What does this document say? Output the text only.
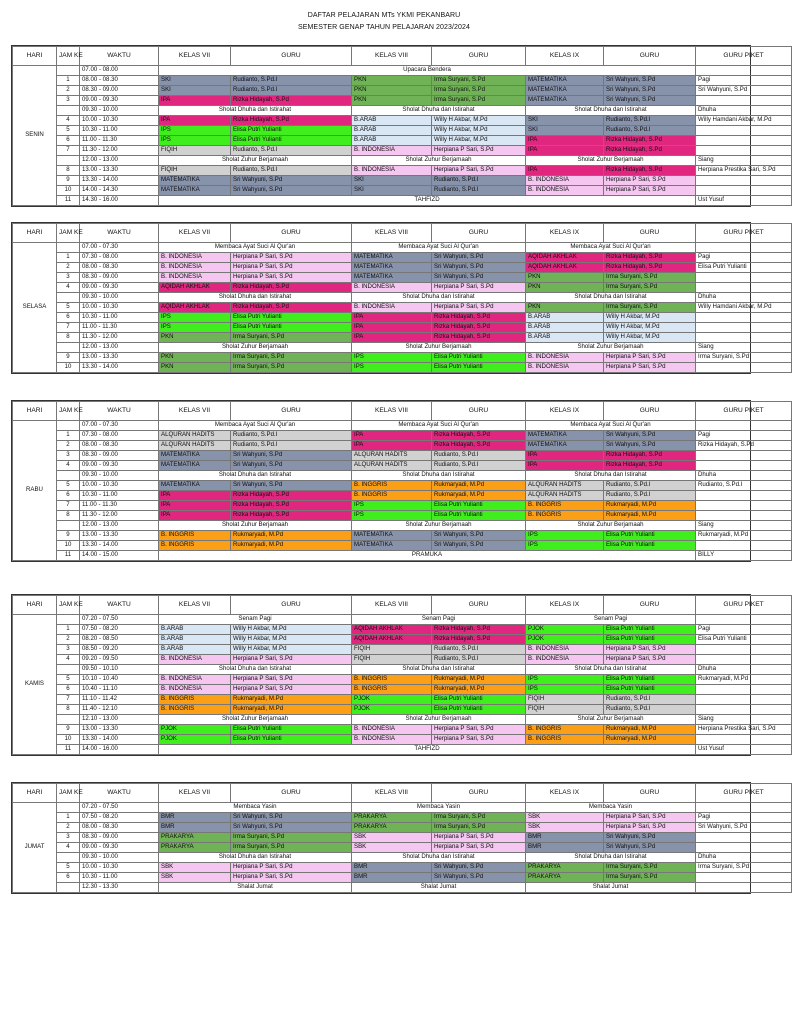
DAFTAR PELAJARAN MTs YKMI PEKANBARU
SEMESTER GENAP TAHUN PELAJARAN 2023/2024
HARI	JAM KE	WAKTU	KELAS VII	GURU	KELAS VIII	GURU	KELAS IX	GURU	GURU PIKET
SENIN		07.00 - 08.00	Upacara Bendera						
	1	08.00 - 08.30	SKI	Rudianto, S.Pd.I	PKN	Irma Suryani, S.Pd	MATEMATIKA	Sri Wahyuni, S.Pd	Pagi
	2	08.30 - 09.00	SKI	Rudianto, S.Pd.I	PKN	Irma Suryani, S.Pd	MATEMATIKA	Sri Wahyuni, S.Pd	Sri Wahyuni, S.Pd
	3	09.00 - 09.30	IPA	Rizka Hidayah, S.Pd	PKN	Irma Suryani, S.Pd	MATEMATIKA	Sri Wahyuni, S.Pd	
		09.30 - 10.00	Sholat Dhuha dan Istirahat		Sholat Dhuha dan Istirahat		Sholat Dhuha dan Istirahat		Dhuha
	4	10.00 - 10.30	IPA	Rizka Hidayah, S.Pd	B.ARAB	Willy H Akbar, M.Pd	SKI	Rudianto, S.Pd.I	Willy Hamdani Akbar, M.Pd
	5	10.30 - 11.00	IPS	Elisa Putri Yulianti	B.ARAB	Willy H Akbar, M.Pd	SKI	Rudianto, S.Pd.I	
	6	11.00 - 11.30	IPS	Elisa Putri Yulianti	B.ARAB	Willy H Akbar, M.Pd	IPA	Rizka Hidayah, S.Pd	
	7	11.30 - 12.00	FIQIH	Rudianto, S.Pd.I	B. INDONESIA	Herpiana P Sari, S.Pd	IPA	Rizka Hidayah, S.Pd	
		12.00 - 13.00	Sholat Zuhur Berjamaah		Sholat Zuhur Berjamaah		Sholat Zuhur Berjamaah		Siang
	8	13.00 - 13.30	FIQIH	Rudianto, S.Pd.I	B. INDONESIA	Herpiana P Sari, S.Pd	IPA	Rizka Hidayah, S.Pd	Herpiana Prestika Sari, S.Pd
	9	13.30 - 14.00	MATEMATIKA	Sri Wahyuni, S.Pd	SKI	Rudianto, S.Pd.I	B. INDONESIA	Herpiana P Sari, S.Pd	
	10	14.00 - 14.30	MATEMATIKA	Sri Wahyuni, S.Pd	SKI	Rudianto, S.Pd.I	B. INDONESIA	Herpiana P Sari, S.Pd	
	11	14.30 - 16.00	TAHFIZD						Ust Yusuf
HARI	JAM KE	WAKTU	KELAS VII	GURU	KELAS VIII	GURU	KELAS IX	GURU	GURU PIKET
SELASA		07.00 - 07.30	Membaca Ayat Suci Al Qur'an		Membaca Ayat Suci Al Qur'an		Membaca Ayat Suci Al Qur'an		
	1	07.30 - 08.00	B. INDONESIA	Herpiana P Sari, S.Pd	MATEMATIKA	Sri Wahyuni, S.Pd	AQIDAH AKHLAK	Rizka Hidayah, S.Pd	Pagi
	2	08.00 - 08.30	B. INDONESIA	Herpiana P Sari, S.Pd	MATEMATIKA	Sri Wahyuni, S.Pd	AQIDAH AKHLAK	Rizka Hidayah, S.Pd	Elisa Putri Yulianti
	3	08.30 - 09.00	B. INDONESIA	Herpiana P Sari, S.Pd	MATEMATIKA	Sri Wahyuni, S.Pd	PKN	Irma Suryani, S.Pd	
	4	09.00 - 09.30	AQIDAH AKHLAK	Rizka Hidayah, S.Pd	B. INDONESIA	Herpiana P Sari, S.Pd	PKN	Irma Suryani, S.Pd	
		09.30 - 10.00	Sholat Dhuha dan Istirahat		Sholat Dhuha dan Istirahat		Sholat Dhuha dan Istirahat		Dhuha
	5	10.00 - 10.30	AQIDAH AKHLAK	Rizka Hidayah, S.Pd	B. INDONESIA	Herpiana P Sari, S.Pd	PKN	Irma Suryani, S.Pd	Willy Hamdani Akbar, M.Pd
	6	10.30 - 11.00	IPS	Elisa Putri Yulianti	IPA	Rizka Hidayah, S.Pd	B.ARAB	Willy H Akbar, M.Pd	
	7	11.00 - 11.30	IPS	Elisa Putri Yulianti	IPA	Rizka Hidayah, S.Pd	B.ARAB	Willy H Akbar, M.Pd	
	8	11.30 - 12.00	PKN	Irma Suryani, S.Pd	IPA	Rizka Hidayah, S.Pd	B.ARAB	Willy H Akbar, M.Pd	
		12.00 - 13.00	Sholat Zuhur Berjamaah		Sholat Zuhur Berjamaah		Sholat Zuhur Berjamaah		Siang
	9	13.00 - 13.30	PKN	Irma Suryani, S.Pd	IPS	Elisa Putri Yulianti	B. INDONESIA	Herpiana P Sari, S.Pd	Irma Suryani, S.Pd
	10	13.30 - 14.00	PKN	Irma Suryani, S.Pd	IPS	Elisa Putri Yulianti	B. INDONESIA	Herpiana P Sari, S.Pd	
HARI	JAM KE	WAKTU	KELAS VII	GURU	KELAS VIII	GURU	KELAS IX	GURU	GURU PIKET
RABU		07.00 - 07.30	Membaca Ayat Suci Al Qur'an		Membaca Ayat Suci Al Qur'an		Membaca Ayat Suci Al Qur'an		
	1	07.30 - 08.00	ALQURAN HADITS	Rudianto, S.Pd.I	IPA	Rizka Hidayah, S.Pd	MATEMATIKA	Sri Wahyuni, S.Pd	Pagi
	2	08.00 - 08.30	ALQURAN HADITS	Rudianto, S.Pd.I	IPA	Rizka Hidayah, S.Pd	MATEMATIKA	Sri Wahyuni, S.Pd	Rizka Hidayah, S.Pd
	3	08.30 - 09.00	MATEMATIKA	Sri Wahyuni, S.Pd	ALQURAN HADITS	Rudianto, S.Pd.I	IPA	Rizka Hidayah, S.Pd	
	4	09.00 - 09.30	MATEMATIKA	Sri Wahyuni, S.Pd	ALQURAN HADITS	Rudianto, S.Pd.I	IPA	Rizka Hidayah, S.Pd	
		09.30 - 10.00	Sholat Dhuha dan Istirahat		Sholat Dhuha dan Istirahat		Sholat Dhuha dan Istirahat		Dhuha
	5	10.00 - 10.30	MATEMATIKA	Sri Wahyuni, S.Pd	B. INGGRIS	Rukmaryadi, M.Pd	ALQURAN HADITS	Rudianto, S.Pd.I	Rudianto, S.Pd.I
	6	10.30 - 11.00	IPA	Rizka Hidayah, S.Pd	B. INGGRIS	Rukmaryadi, M.Pd	ALQURAN HADITS	Rudianto, S.Pd.I	
	7	11.00 - 11.30	IPA	Rizka Hidayah, S.Pd	IPS	Elisa Putri Yulianti	B. INGGRIS	Rukmaryadi, M.Pd	
	8	11.30 - 12.00	IPA	Rizka Hidayah, S.Pd	IPS	Elisa Putri Yulianti	B. INGGRIS	Rukmaryadi, M.Pd	
		12.00 - 13.00	Sholat Zuhur Berjamaah		Sholat Zuhur Berjamaah		Sholat Zuhur Berjamaah		Siang
	9	13.00 - 13.30	B. INGGRIS	Rukmaryadi, M.Pd	MATEMATIKA	Sri Wahyuni, S.Pd	IPS	Elisa Putri Yulianti	Rukmaryadi, M.Pd
	10	13.30 - 14.00	B. INGGRIS	Rukmaryadi, M.Pd	MATEMATIKA	Sri Wahyuni, S.Pd	IPS	Elisa Putri Yulianti	
	11	14.00 - 15.00	PRAMUKA						BILLY
HARI	JAM KE	WAKTU	KELAS VII	GURU	KELAS VIII	GURU	KELAS IX	GURU	GURU PIKET
KAMIS		07.20 - 07.50	Senam Pagi		Senam Pagi		Senam Pagi		
	1	07.50 - 08.20	B.ARAB	Willy H Akbar, M.Pd	AQIDAH AKHLAK	Rizka Hidayah, S.Pd	PJOK	Elisa Putri Yulianti	Pagi
	2	08.20 - 08.50	B.ARAB	Willy H Akbar, M.Pd	AQIDAH AKHLAK	Rizka Hidayah, S.Pd	PJOK	Elisa Putri Yulianti	Elisa Putri Yulianti
	3	08.50 - 09.20	B.ARAB	Willy H Akbar, M.Pd	FIQIH	Rudianto, S.Pd.I	B. INDONESIA	Herpiana P Sari, S.Pd	
	4	09.20 - 09.50	B. INDONESIA	Herpiana P Sari, S.Pd	FIQIH	Rudianto, S.Pd.I	B. INDONESIA	Herpiana P Sari, S.Pd	
		09.50 - 10.10	Sholat Dhuha dan Istirahat		Sholat Dhuha dan Istirahat		Sholat Dhuha dan Istirahat		Dhuha
	5	10.10 - 10.40	B. INDONESIA	Herpiana P Sari, S.Pd	B. INGGRIS	Rukmaryadi, M.Pd	IPS	Elisa Putri Yulianti	Rukmaryadi, M.Pd
	6	10.40 - 11.10	B. INDONESIA	Herpiana P Sari, S.Pd	B. INGGRIS	Rukmaryadi, M.Pd	IPS	Elisa Putri Yulianti	
	7	11.10 - 11.42	B. INGGRIS	Rukmaryadi, M.Pd	PJOK	Elisa Putri Yulianti	FIQIH	Rudianto, S.Pd.I	
	8	11.40 - 12.10	B. INGGRIS	Rukmaryadi, M.Pd	PJOK	Elisa Putri Yulianti	FIQIH	Rudianto, S.Pd.I	
		12.10 - 13.00	Sholat Zuhur Berjamaah		Sholat Zuhur Berjamaah		Sholat Zuhur Berjamaah		Siang
	9	13.00 - 13.30	PJOK	Elisa Putri Yulianti	B. INDONESIA	Herpiana P Sari, S.Pd	B. INGGRIS	Rukmaryadi, M.Pd	Herpiana Prestika Sari, S.Pd
	10	13.30 - 14.00	PJOK	Elisa Putri Yulianti	B. INDONESIA	Herpiana P Sari, S.Pd	B. INGGRIS	Rukmaryadi, M.Pd	
	11	14.00 - 16.00	TAHFIZD						Ust Yusuf
HARI	JAM KE	WAKTU	KELAS VII	GURU	KELAS VIII	GURU	KELAS IX	GURU	GURU PIKET
JUMAT		07.20 - 07.50	Membaca Yasin		Membaca Yasin		Membaca Yasin		
	1	07.50 - 08.20	BMR	Sri Wahyuni, S.Pd	PRAKARYA	Irma Suryani, S.Pd	SBK	Herpiana P Sari, S.Pd	Pagi
	2	08.00 - 08.30	BMR	Sri Wahyuni, S.Pd	PRAKARYA	Irma Suryani, S.Pd	SBK	Herpiana P Sari, S.Pd	Sri Wahyuni, S.Pd
	3	08.30 - 09.00	PRAKARYA	Irma Suryani, S.Pd	SBK	Herpiana P Sari, S.Pd	BMR	Sri Wahyuni, S.Pd	
	4	09.00 - 09.30	PRAKARYA	Irma Suryani, S.Pd	SBK	Herpiana P Sari, S.Pd	BMR	Sri Wahyuni, S.Pd	
		09.30 - 10.00	Sholat Dhuha dan Istirahat		Sholat Dhuha dan Istirahat		Sholat Dhuha dan Istirahat		Dhuha
	5	10.00 - 10.30	SBK	Herpiana P Sari, S.Pd	BMR	Sri Wahyuni, S.Pd	PRAKARYA	Irma Suryani, S.Pd	Irma Suryani, S.Pd
	6	10.30 - 11.00	SBK	Herpiana P Sari, S.Pd	BMR	Sri Wahyuni, S.Pd	PRAKARYA	Irma Suryani, S.Pd	
		12.30 - 13.30	Shalat Jumat		Shalat Jumat		Shalat Jumat		
